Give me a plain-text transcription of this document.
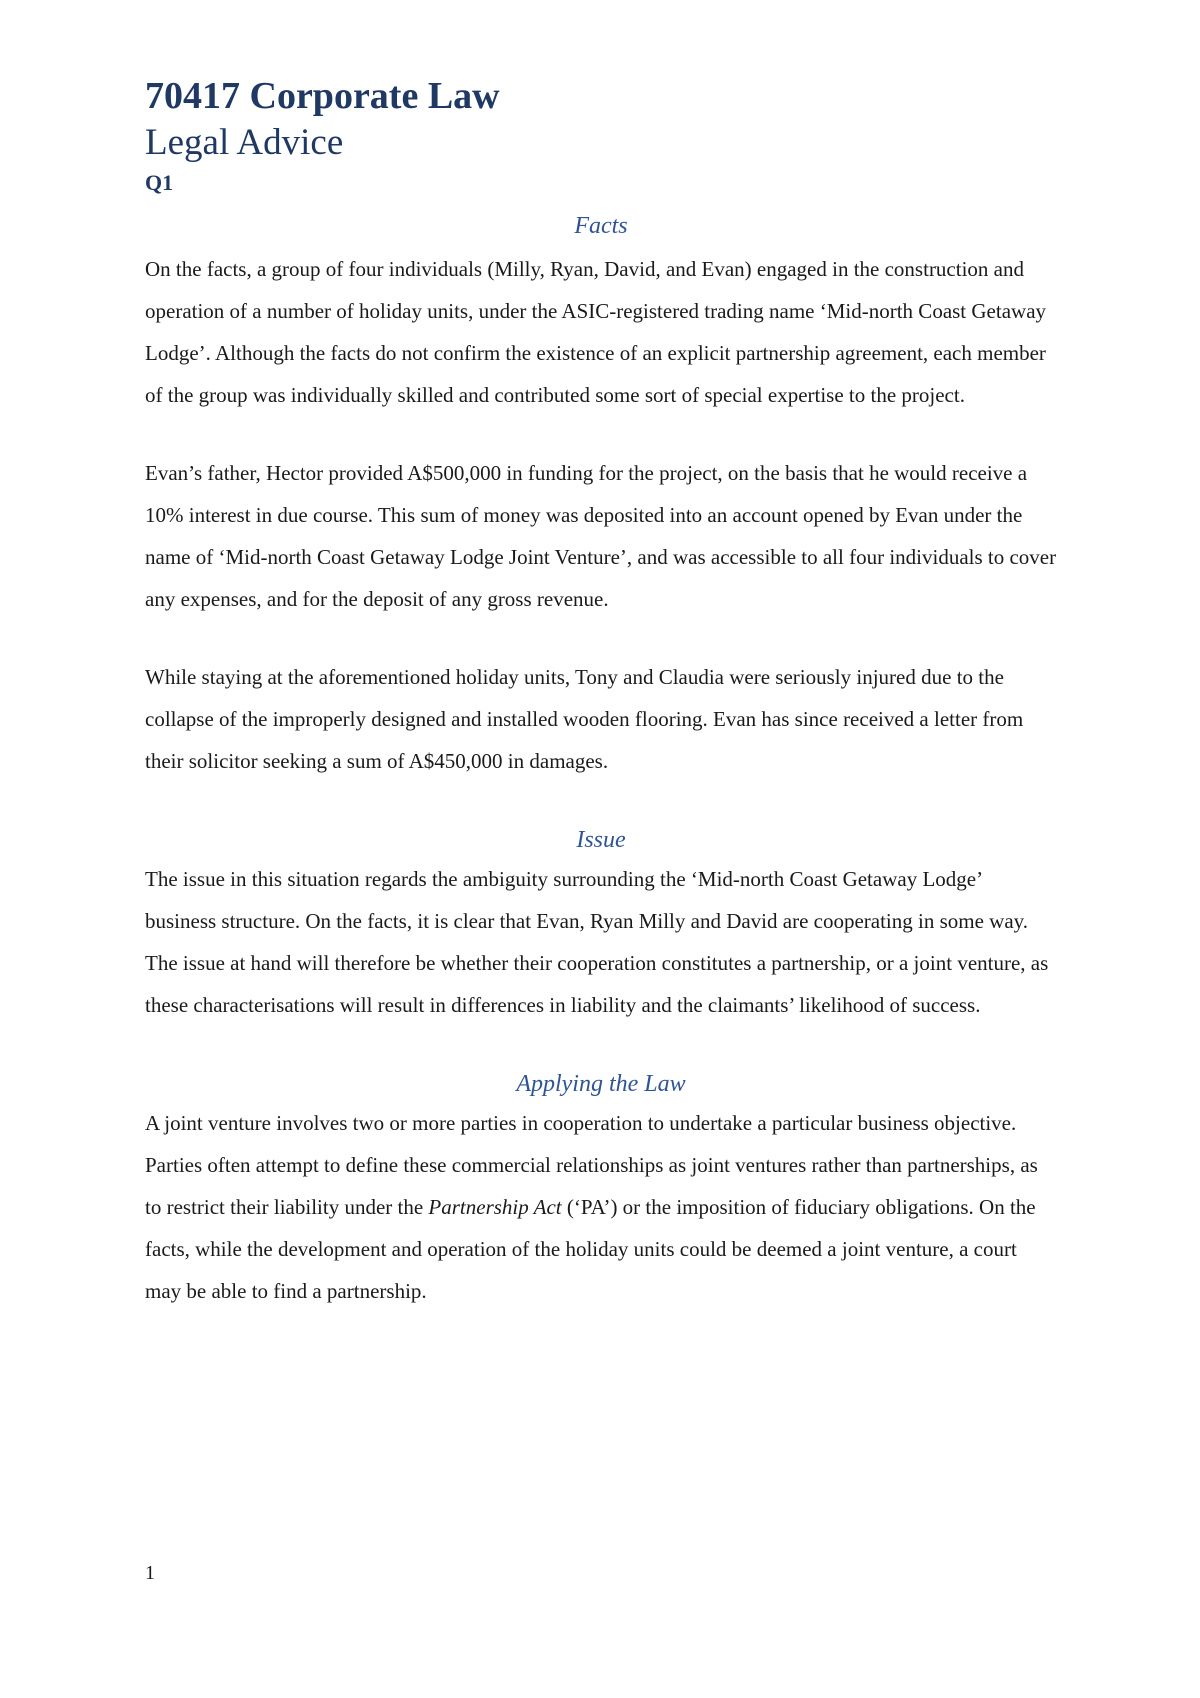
70417 Corporate Law
Legal Advice
Q1
Facts

On the facts, a group of four individuals (Milly, Ryan, David, and Evan) engaged in the construction and operation of a number of holiday units, under the ASIC-registered trading name ‘Mid-north Coast Getaway Lodge’. Although the facts do not confirm the existence of an explicit partnership agreement, each member of the group was individually skilled and contributed some sort of special expertise to the project.

Evan’s father, Hector provided A$500,000 in funding for the project, on the basis that he would receive a 10% interest in due course. This sum of money was deposited into an account opened by Evan under the name of ‘Mid-north Coast Getaway Lodge Joint Venture’, and was accessible to all four individuals to cover any expenses, and for the deposit of any gross revenue.

While staying at the aforementioned holiday units, Tony and Claudia were seriously injured due to the collapse of the improperly designed and installed wooden flooring. Evan has since received a letter from their solicitor seeking a sum of A$450,000 in damages.

Issue

The issue in this situation regards the ambiguity surrounding the ‘Mid-north Coast Getaway Lodge’ business structure. On the facts, it is clear that Evan, Ryan Milly and David are cooperating in some way. The issue at hand will therefore be whether their cooperation constitutes a partnership, or a joint venture, as these characterisations will result in differences in liability and the claimants’ likelihood of success.

Applying the Law

A joint venture involves two or more parties in cooperation to undertake a particular business objective. Parties often attempt to define these commercial relationships as joint ventures rather than partnerships, as to restrict their liability under the Partnership Act (‘PA’) or the imposition of fiduciary obligations. On the facts, while the development and operation of the holiday units could be deemed a joint venture, a court may be able to find a partnership.

1
